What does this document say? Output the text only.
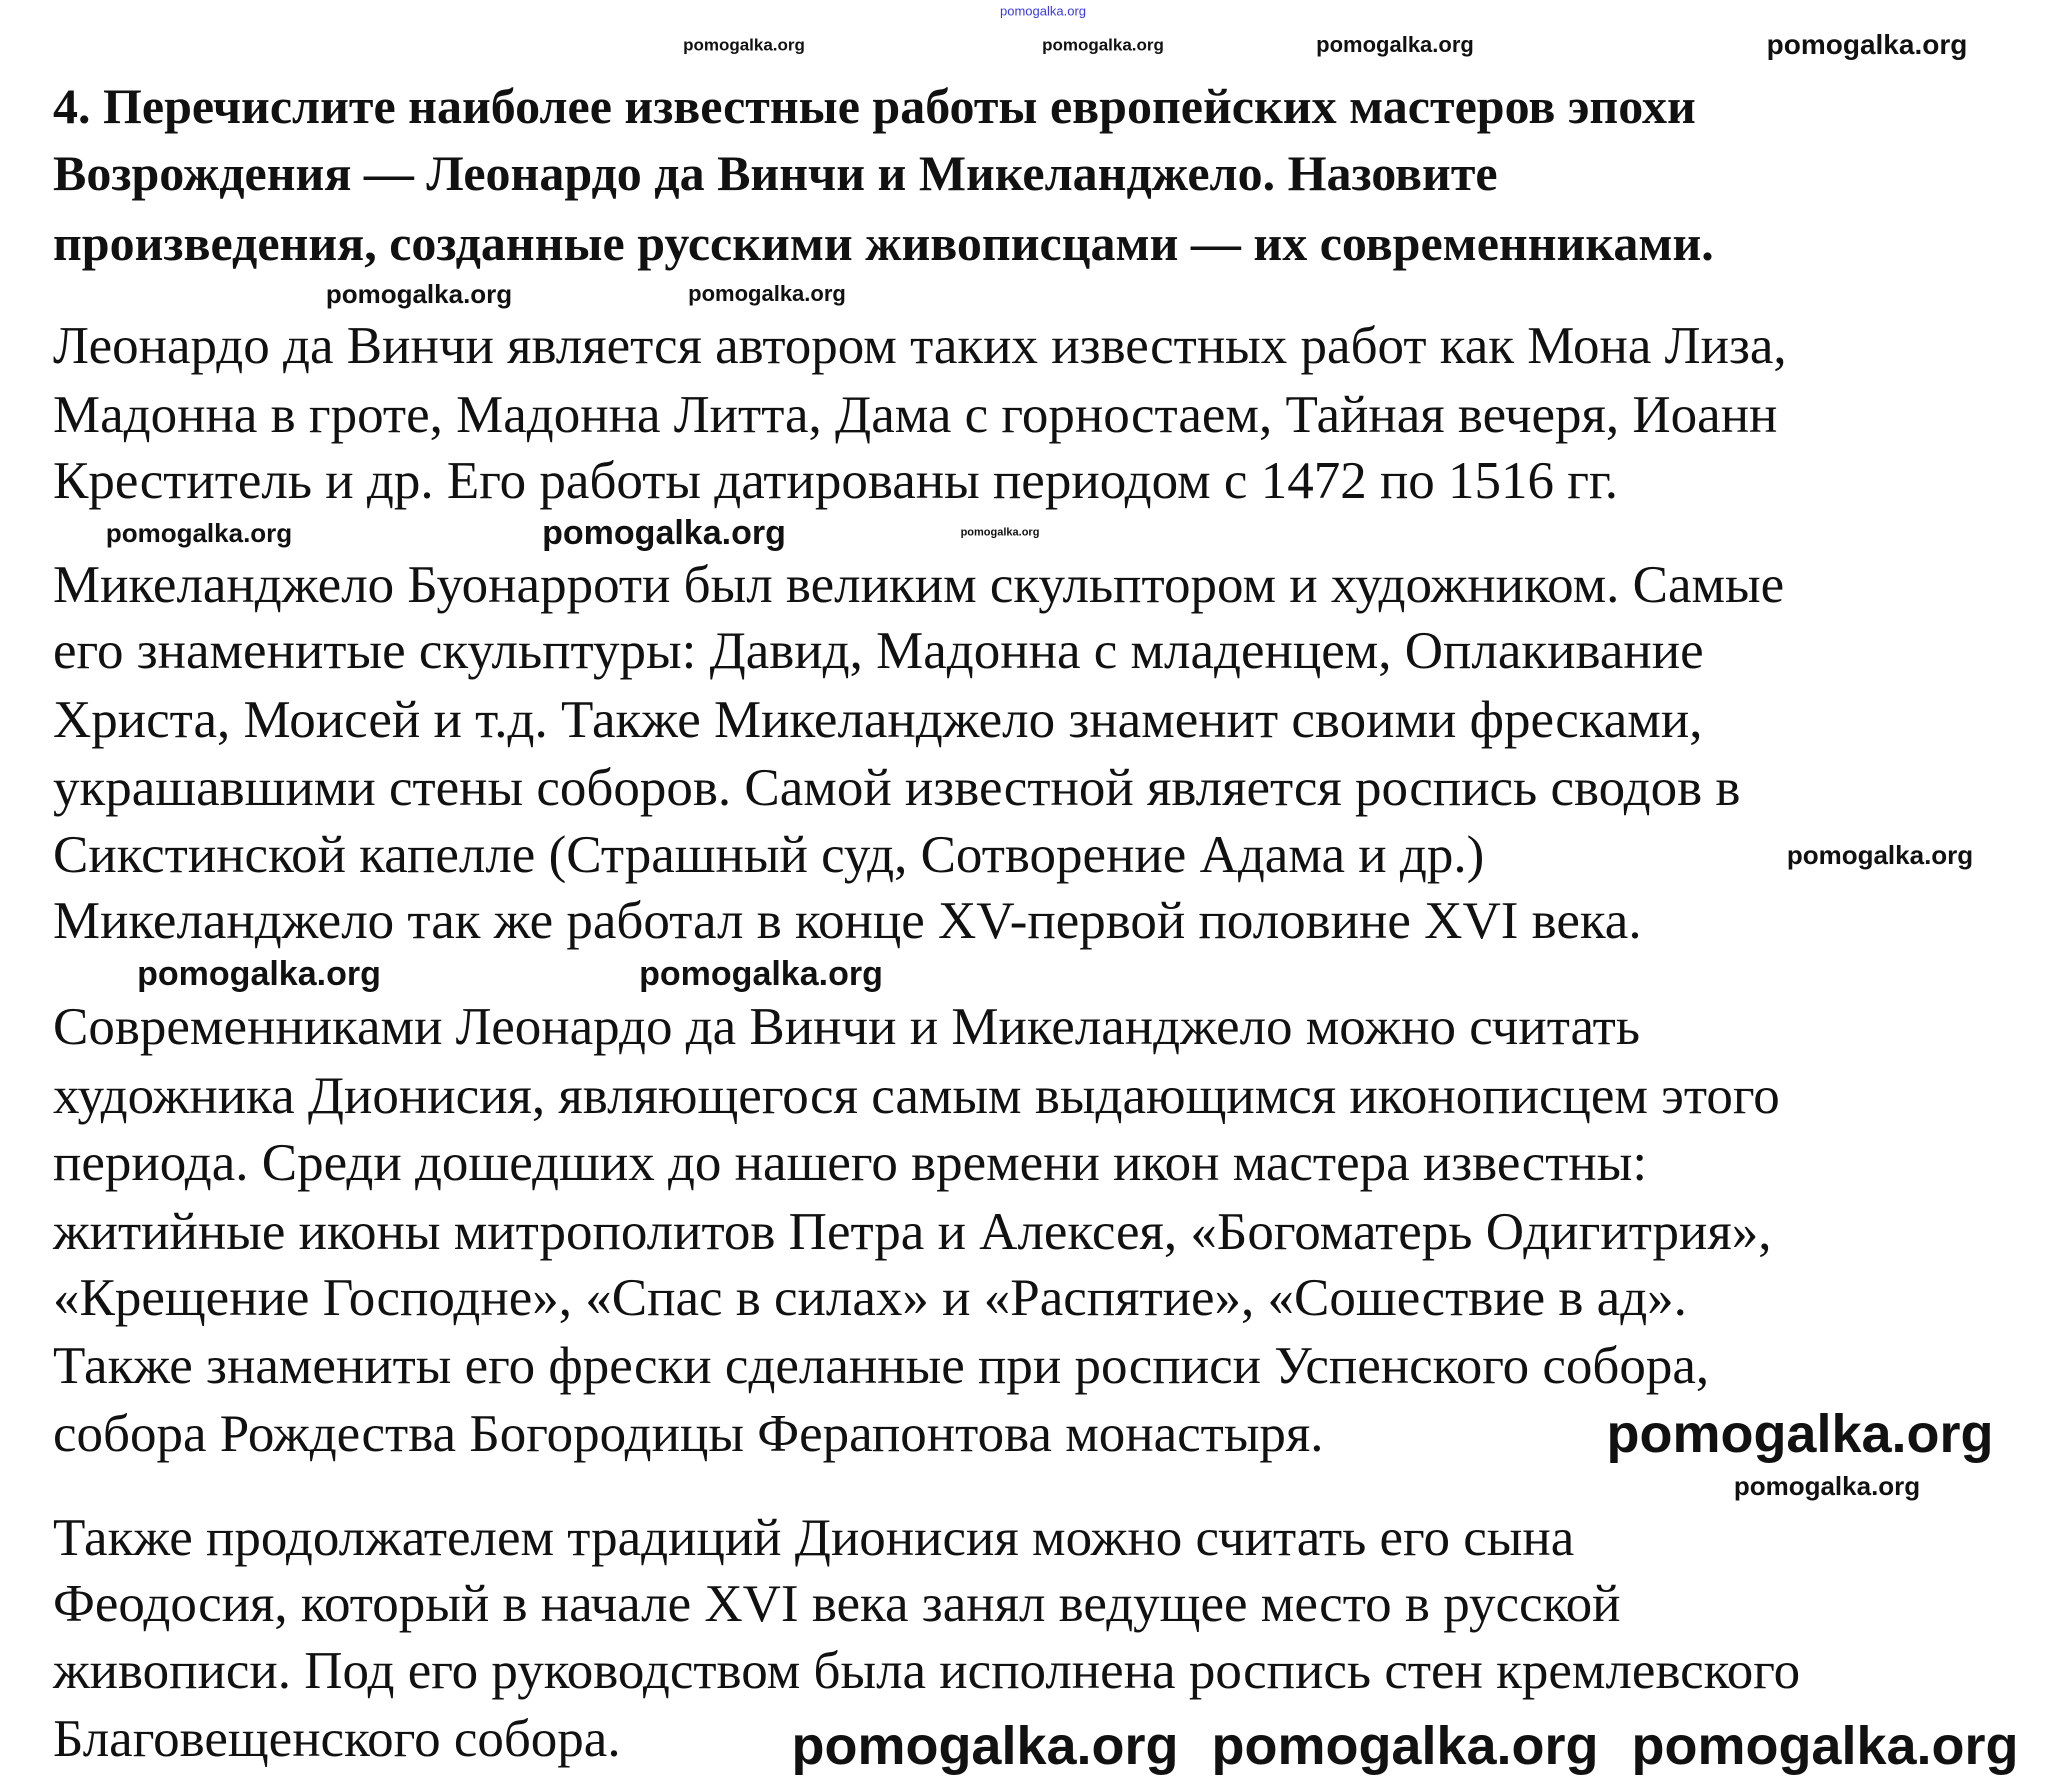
pomogalka.org
4. Перечислите наиболее известные работы европейских мастеров эпохи
Возрождения — Леонардо да Винчи и Микеланджело. Назовите
произведения, созданные русскими живописцами — их современниками.
Леонардо да Винчи является автором таких известных работ как Мона Лиза,
Мадонна в гроте, Мадонна Литта, Дама с горностаем, Тайная вечеря, Иоанн
Креститель и др. Его работы датированы периодом с 1472 по 1516 гг.
Микеланджело Буонарроти был великим скульптором и художником. Самые
его знаменитые скульптуры: Давид, Мадонна с младенцем, Оплакивание
Христа, Моисей и т.д. Также Микеланджело знаменит своими фресками,
украшавшими стены соборов. Самой известной является роспись сводов в
Сикстинской капелле (Страшный суд, Сотворение Адама и др.)
Микеланджело так же работал в конце XV-первой половине XVI века.
Современниками Леонардо да Винчи и Микеланджело можно считать
художника Дионисия, являющегося самым выдающимся иконописцем этого
периода. Среди дошедших до нашего времени икон мастера известны:
житийные иконы митрополитов Петра и Алексея, «Богоматерь Одигитрия»,
«Крещение Господне», «Спас в силах» и «Распятие», «Сошествие в ад».
Также знамениты его фрески сделанные при росписи Успенского собора,
собора Рождества Богородицы Ферапонтова монастыря.
Также продолжателем традиций Дионисия можно считать его сына
Феодосия, который в начале XVI века занял ведущее место в русской
живописи. Под его руководством была исполнена роспись стен кремлевского
Благовещенского собора.
pomogalka.org	pomogalka.org	pomogalka.org	pomogalka.org
pomogalka.org	pomogalka.org
pomogalka.org	pomogalka.org	pomogalka.org
pomogalka.org
pomogalka.org	pomogalka.org
pomogalka.org
pomogalka.org
pomogalka.org pomogalka.org pomogalka.org
